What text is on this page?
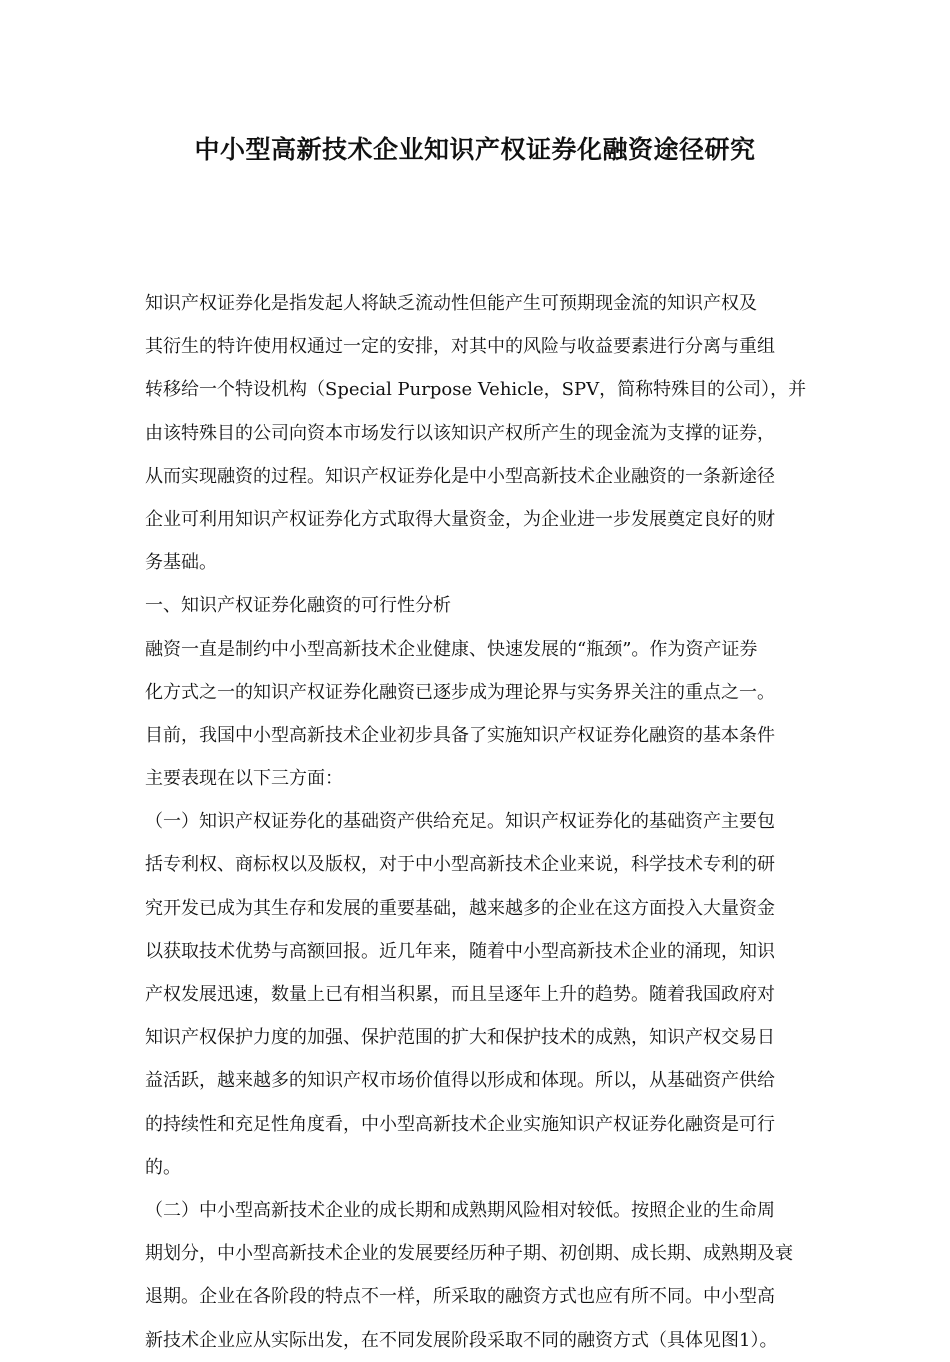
中小型高新技术企业知识产权证券化融资途径研究

知识产权证券化是指发起人将缺乏流动性但能产生可预期现金流的知识产权及

其衍生的特许使用权通过一定的安排，对其中的风险与收益要素进行分离与重组

转移给一个特设机构（Special Purpose Vehicle，SPV，简称特殊目的公司），并

由该特殊目的公司向资本市场发行以该知识产权所产生的现金流为支撑的证券，

从而实现融资的过程。知识产权证券化是中小型高新技术企业融资的一条新途径

企业可利用知识产权证券化方式取得大量资金，为企业进一步发展奠定良好的财

务基础。

一、知识产权证券化融资的可行性分析

融资一直是制约中小型高新技术企业健康、快速发展的“瓶颈”。作为资产证券

化方式之一的知识产权证券化融资已逐步成为理论界与实务界关注的重点之一。

目前，我国中小型高新技术企业初步具备了实施知识产权证券化融资的基本条件

主要表现在以下三方面：

（一）知识产权证券化的基础资产供给充足。知识产权证券化的基础资产主要包

括专利权、商标权以及版权，对于中小型高新技术企业来说，科学技术专利的研

究开发已成为其生存和发展的重要基础，越来越多的企业在这方面投入大量资金

以获取技术优势与高额回报。近几年来，随着中小型高新技术企业的涌现，知识

产权发展迅速，数量上已有相当积累，而且呈逐年上升的趋势。随着我国政府对

知识产权保护力度的加强、保护范围的扩大和保护技术的成熟，知识产权交易日

益活跃，越来越多的知识产权市场价值得以形成和体现。所以，从基础资产供给

的持续性和充足性角度看，中小型高新技术企业实施知识产权证券化融资是可行

的。

（二）中小型高新技术企业的成长期和成熟期风险相对较低。按照企业的生命周

期划分，中小型高新技术企业的发展要经历种子期、初创期、成长期、成熟期及衰

退期。企业在各阶段的特点不一样，所采取的融资方式也应有所不同。中小型高

新技术企业应从实际出发，在不同发展阶段采取不同的融资方式（具体见图1）。
